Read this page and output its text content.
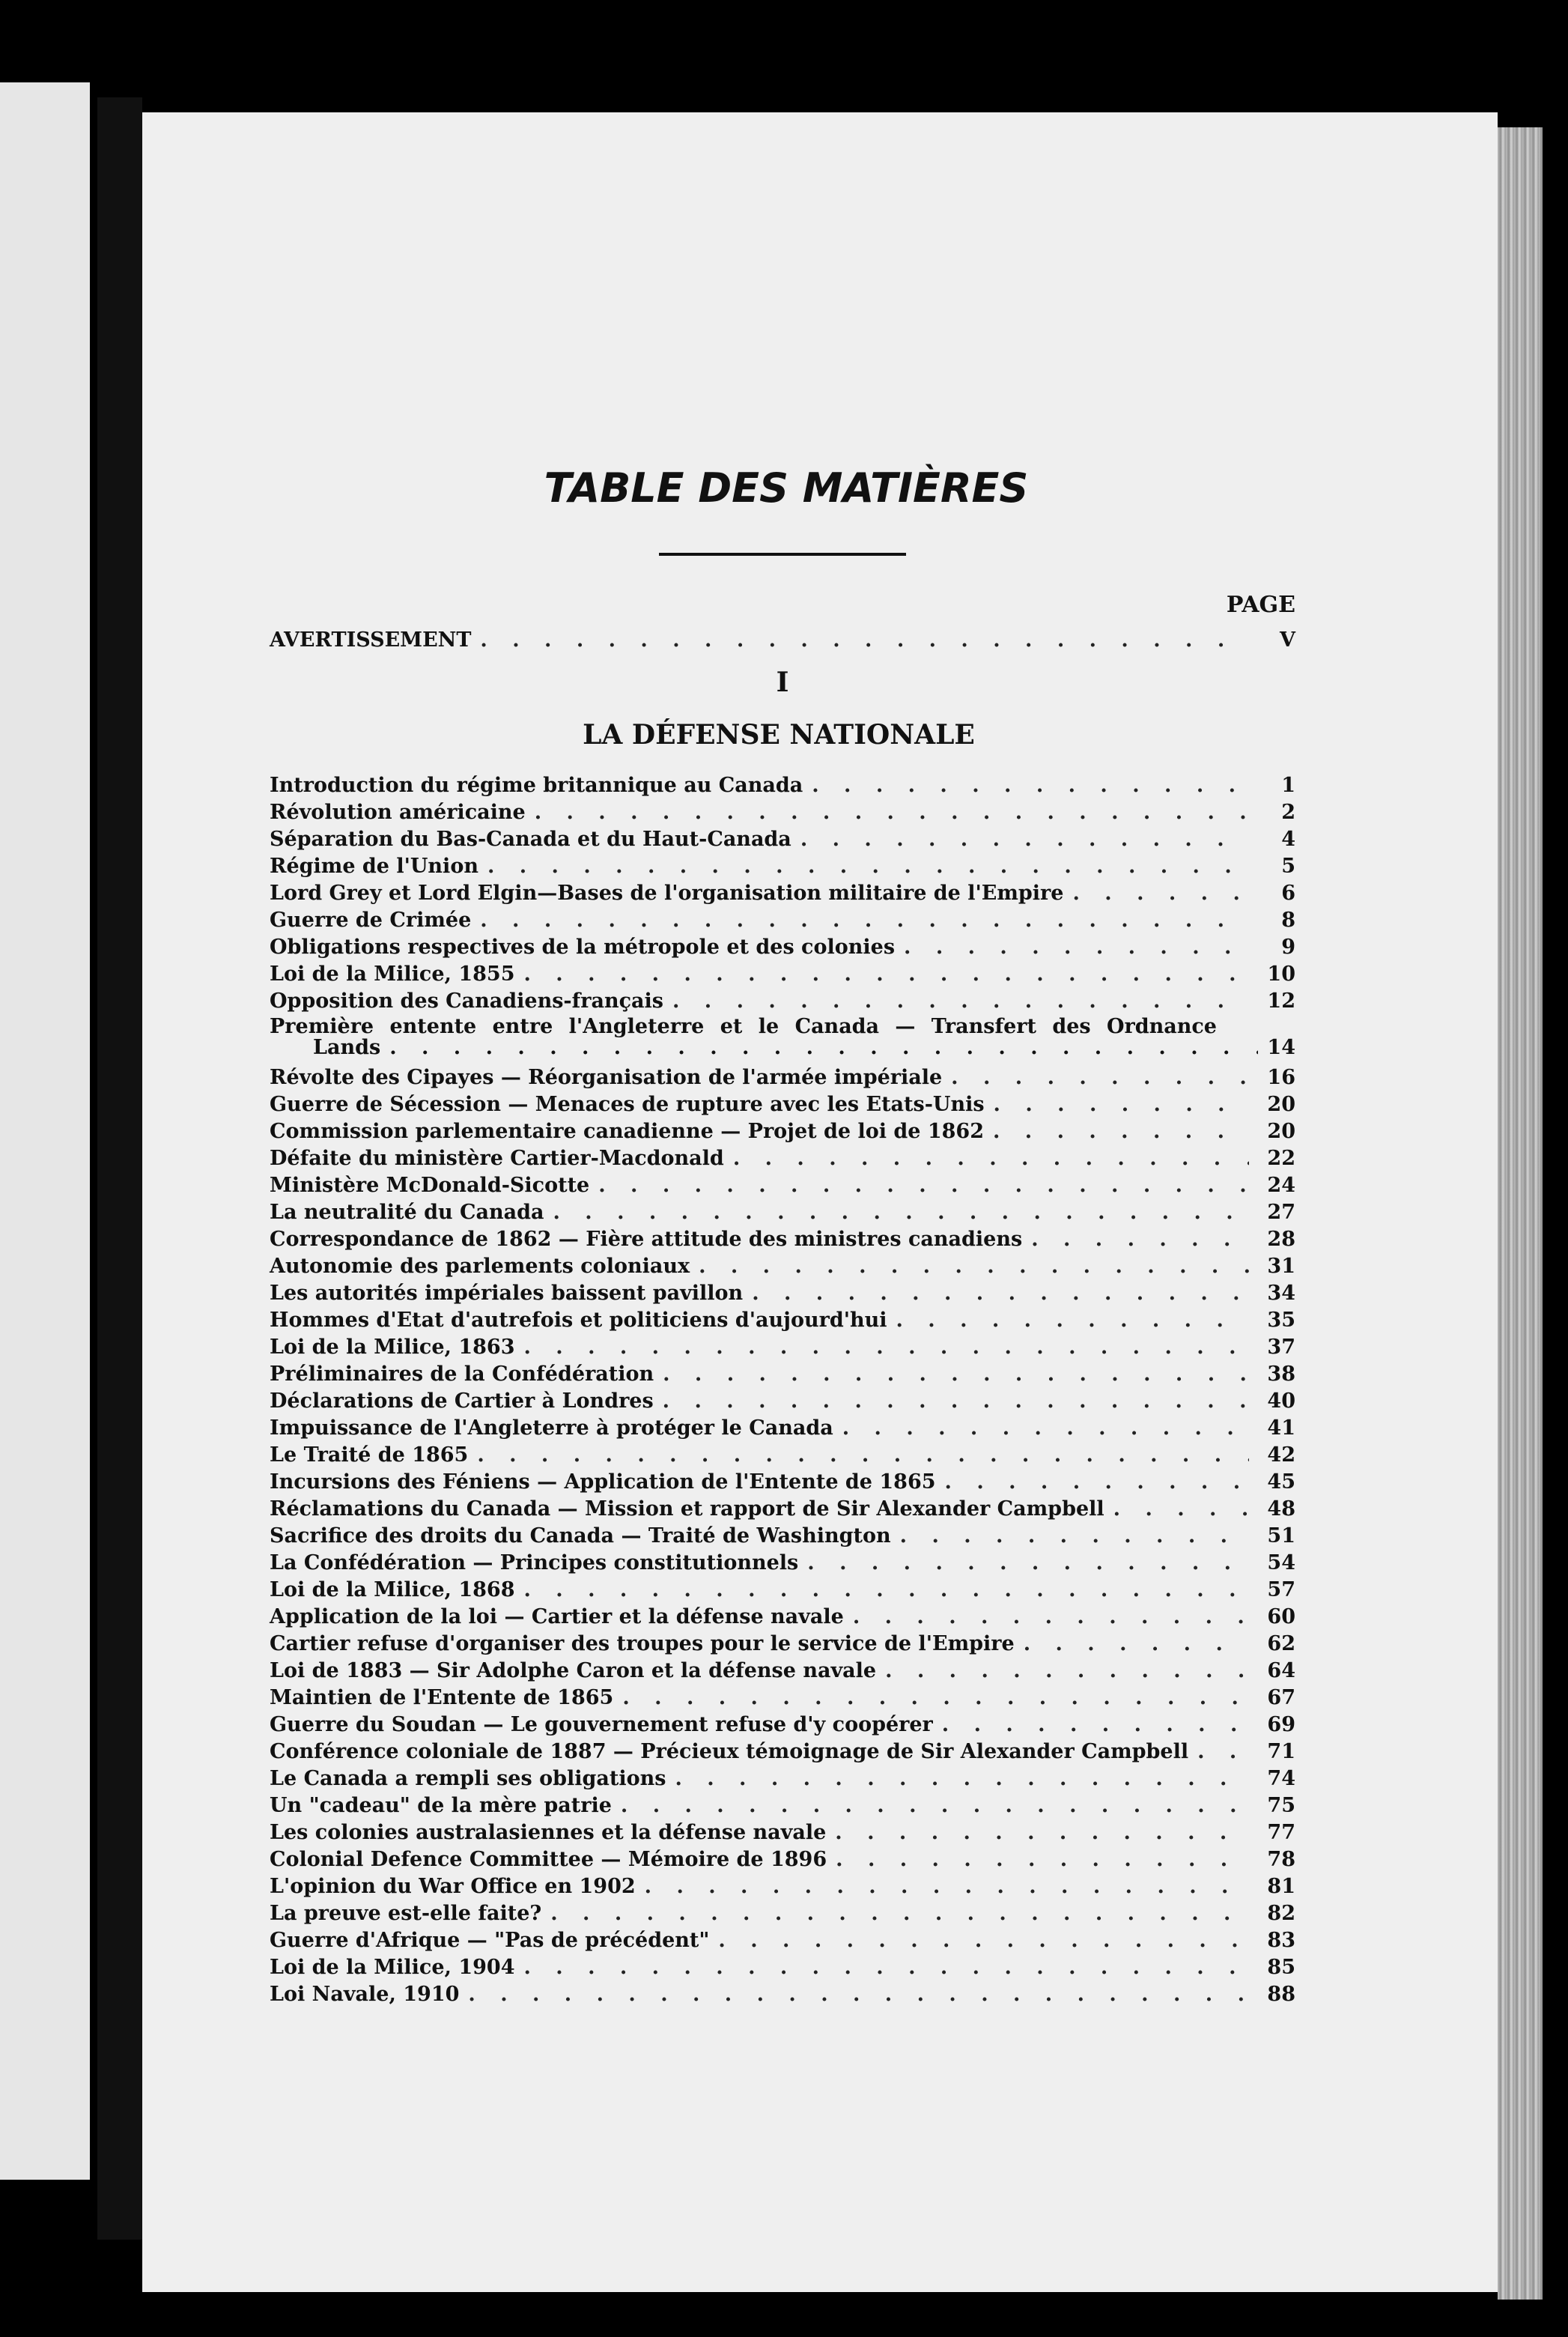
TABLE DES MATIÈRES
PAGE
AVERTISSEMENT . . .	V
I
LA DÉFENSE NATIONALE
Introduction du régime britannique au Canada . . .	1
Révolution américaine . . .	2
Séparation du Bas-Canada et du Haut-Canada . . .	4
Régime de l'Union . . .	5
Lord Grey et Lord Elgin—Bases de l'organisation militaire de l'Empire . . .	6
Guerre de Crimée . . .	8
Obligations respectives de la métropole et des colonies . . .	9
Loi de la Milice, 1855 . . .	10
Opposition des Canadiens-français . . .	12
Première entente entre l'Angleterre et le Canada — Transfert des Ordnance
Lands . . .	14
Révolte des Cipayes — Réorganisation de l'armée impériale . . .	16
Guerre de Sécession — Menaces de rupture avec les Etats-Unis . . .	20
Commission parlementaire canadienne — Projet de loi de 1862 . . .	20
Défaite du ministère Cartier-Macdonald . . .	22
Ministère McDonald-Sicotte . . .	24
La neutralité du Canada . . .	27
Correspondance de 1862 — Fière attitude des ministres canadiens . . .	28
Autonomie des parlements coloniaux . . .	31
Les autorités impériales baissent pavillon . . .	34
Hommes d'Etat d'autrefois et politiciens d'aujourd'hui . . .	35
Loi de la Milice, 1863 . . .	37
Préliminaires de la Confédération . . .	38
Déclarations de Cartier à Londres . . .	40
Impuissance de l'Angleterre à protéger le Canada . . .	41
Le Traité de 1865 . . .	42
Incursions des Féniens — Application de l'Entente de 1865 . . .	45
Réclamations du Canada — Mission et rapport de Sir Alexander Campbell . . .	48
Sacrifice des droits du Canada — Traité de Washington . . .	51
La Confédération — Principes constitutionnels . . .	54
Loi de la Milice, 1868 . . .	57
Application de la loi — Cartier et la défense navale . . .	60
Cartier refuse d'organiser des troupes pour le service de l'Empire . . .	62
Loi de 1883 — Sir Adolphe Caron et la défense navale . . .	64
Maintien de l'Entente de 1865 . . .	67
Guerre du Soudan — Le gouvernement refuse d'y coopérer . . .	69
Conférence coloniale de 1887 — Précieux témoignage de Sir Alexander Campbell . . .	71
Le Canada a rempli ses obligations . . .	74
Un "cadeau" de la mère patrie . . .	75
Les colonies australasiennes et la défense navale . . .	77
Colonial Defence Committee — Mémoire de 1896 . . .	78
L'opinion du War Office en 1902 . . .	81
La preuve est-elle faite? . . .	82
Guerre d'Afrique — "Pas de précédent" . . .	83
Loi de la Milice, 1904 . . .	85
Loi Navale, 1910 . . .	88
